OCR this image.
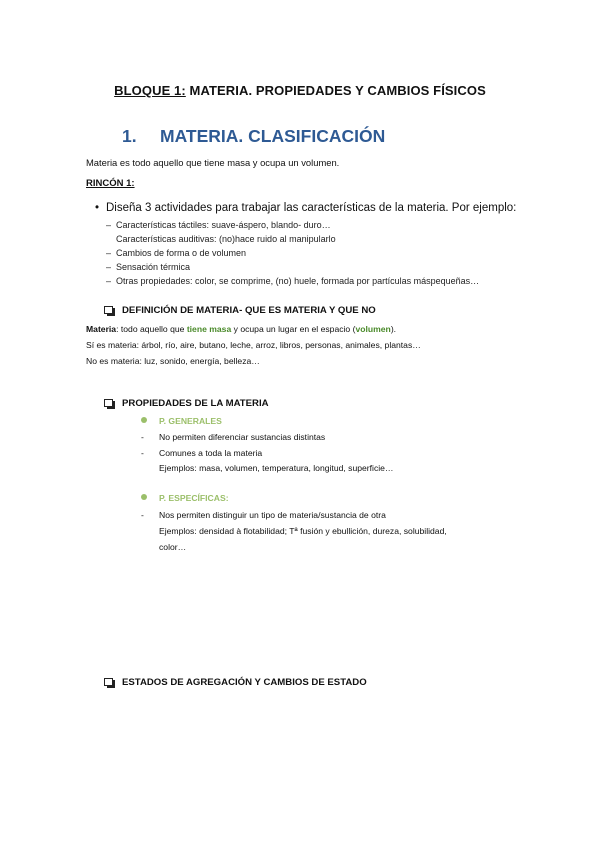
BLOQUE 1: MATERIA. PROPIEDADES Y CAMBIOS FÍSICOS
1. MATERIA. CLASIFICACIÓN
Materia es todo aquello que tiene masa y ocupa un volumen.
RINCÓN 1:
• Diseña 3 actividades para trabajar las características de la materia. Por ejemplo:
– Características táctiles: suave-áspero, blando- duro…
Características auditivas: (no)hace ruido al manipularlo
– Cambios de forma o de volumen
– Sensación térmica
– Otras propiedades: color, se comprime, (no) huele, formada por partículas máspequeñas…
DEFINICIÓN DE MATERIA- QUE ES MATERIA Y QUE NO
Materia: todo aquello que tiene masa y ocupa un lugar en el espacio (volumen).
Sí es materia: árbol, río, aire, butano, leche, arroz, libros, personas, animales, plantas…
No es materia: luz, sonido, energía, belleza…
PROPIEDADES DE LA MATERIA
P. GENERALES
- No permiten diferenciar sustancias distintas
- Comunes a toda la materia
Ejemplos: masa, volumen, temperatura, longitud, superficie…
P. ESPECÍFICAS:
- Nos permiten distinguir un tipo de materia/sustancia de otra
Ejemplos: densidad à flotabilidad; Tª fusión y ebullición, dureza, solubilidad,
color…
ESTADOS DE AGREGACIÓN Y CAMBIOS DE ESTADO
